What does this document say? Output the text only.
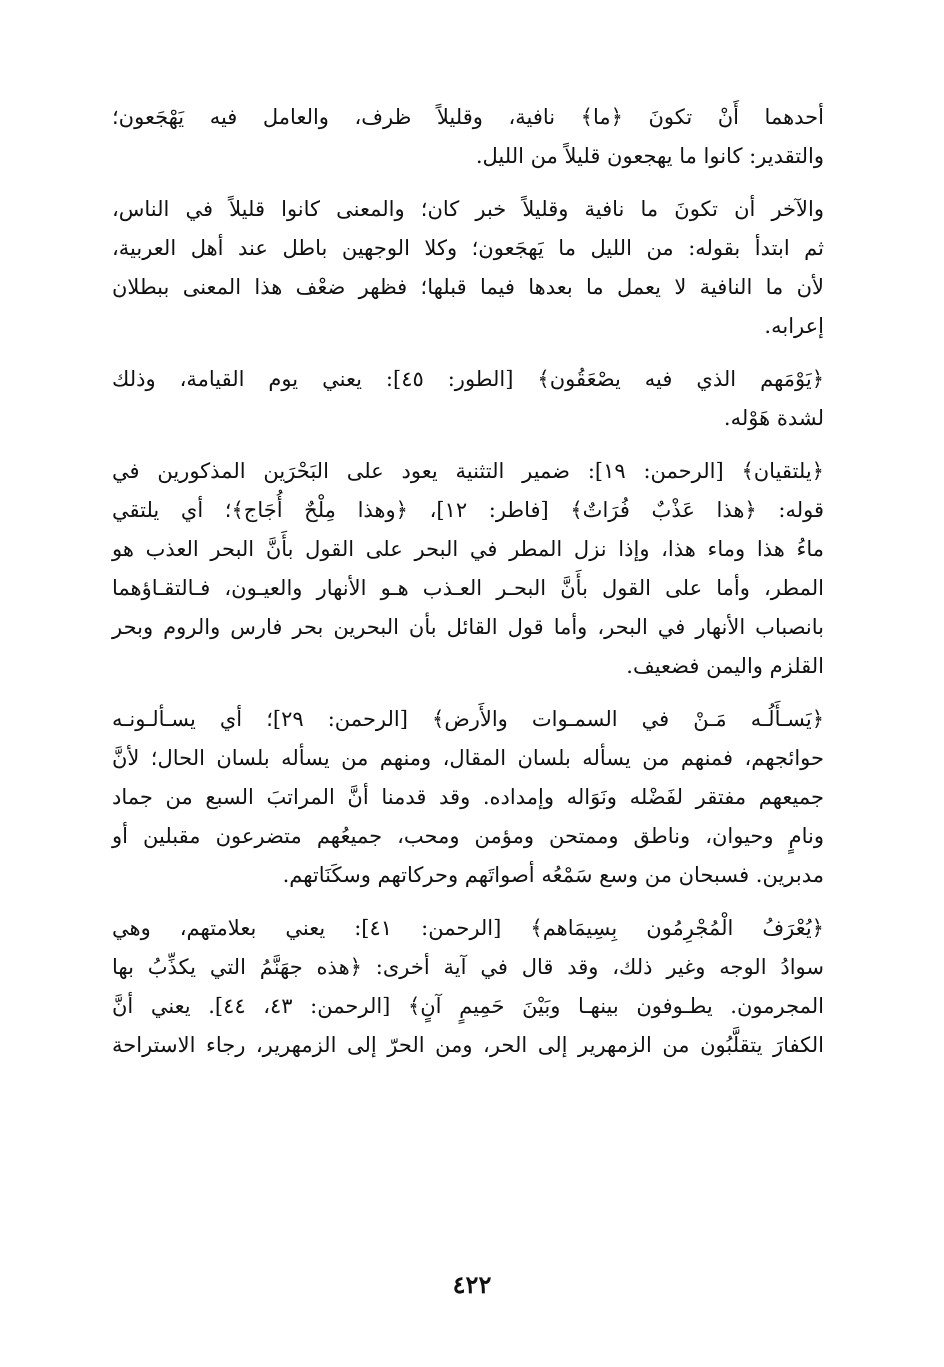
أحدهما أَنْ تكونَ ﴿ما﴾ نافية، وقليلاً ظرف، والعامل فيه يَهْجَعون؛
والتقدير: كانوا ما يهجعون قليلاً من الليل.

والآخر أن تكونَ ما نافية وقليلاً خبر كان؛ والمعنى كانوا قليلاً في الناس،
ثم ابتدأ بقوله: من الليل ما يَهجَعون؛ وكلا الوجهين باطل عند أهل العربية،
لأن ما النافية لا يعمل ما بعدها فيما قبلها؛ فظهر ضعْف هذا المعنى ببطلان
إعرابه.

﴿يَوْمَهم الذي فيه يصْعَقُون﴾ [الطور: ٤٥]: يعني يوم القيامة، وذلك
لشدة هَوْله.

﴿يلتقيان﴾ [الرحمن: ١٩]: ضمير التثنية يعود على البَحْرَين المذكورين في
قوله: ﴿هذا عَذْبٌ فُرَاتٌ﴾ [فاطر: ١٢]، ﴿وهذا مِلْحٌ أُجَاج﴾؛ أي يلتقي
ماءُ هذا وماء هذا، وإذا نزل المطر في البحر على القول بأَنَّ البحر العذب هو
المطر، وأما على القول بأَنَّ البحـر العـذب هـو الأنهار والعيـون، فـالتقـاؤهما
بانصباب الأنهار في البحر، وأما قول القائل بأن البحرين بحر فارس والروم وبحر
القلزم واليمن فضعيف.

﴿يَسـأَلُـه مَـنْ في السمـوات والأَرض﴾ [الرحمن: ٢٩]؛ أي يسـألـونـه
حوائجهم، فمنهم من يسأله بلسان المقال، ومنهم من يسأله بلسان الحال؛ لأنَّ
جميعهم مفتقر لفَضْله ونَوَاله وإمداده. وقد قدمنا أنَّ المراتبَ السبع من جماد
ونامٍ وحيوان، وناطق وممتحن ومؤمن ومحب، جميعُهم متضرعون مقبلين أو
مدبرين. فسبحان من وسع سَمْعُه أصواتَهم وحركاتهم وسكَنَاتهم.

﴿يُعْرَفُ الْمُجْرِمُون بِسِيمَاهم﴾ [الرحمن: ٤١]: يعني بعلامتهم، وهي
سوادُ الوجه وغير ذلك، وقد قال في آية أخرى: ﴿هذه جهَنَّمُ التي يكذِّبُ بها
المجرمون. يطـوفون بينهـا وبَيْنَ حَمِيمٍ آنٍ﴾ [الرحمن: ٤٣، ٤٤]. يعني أنَّ
الكفارَ يتقلَّبُون من الزمهرير إلى الحر، ومن الحرّ إلى الزمهرير، رجاء الاستراحة

٤٢٢
